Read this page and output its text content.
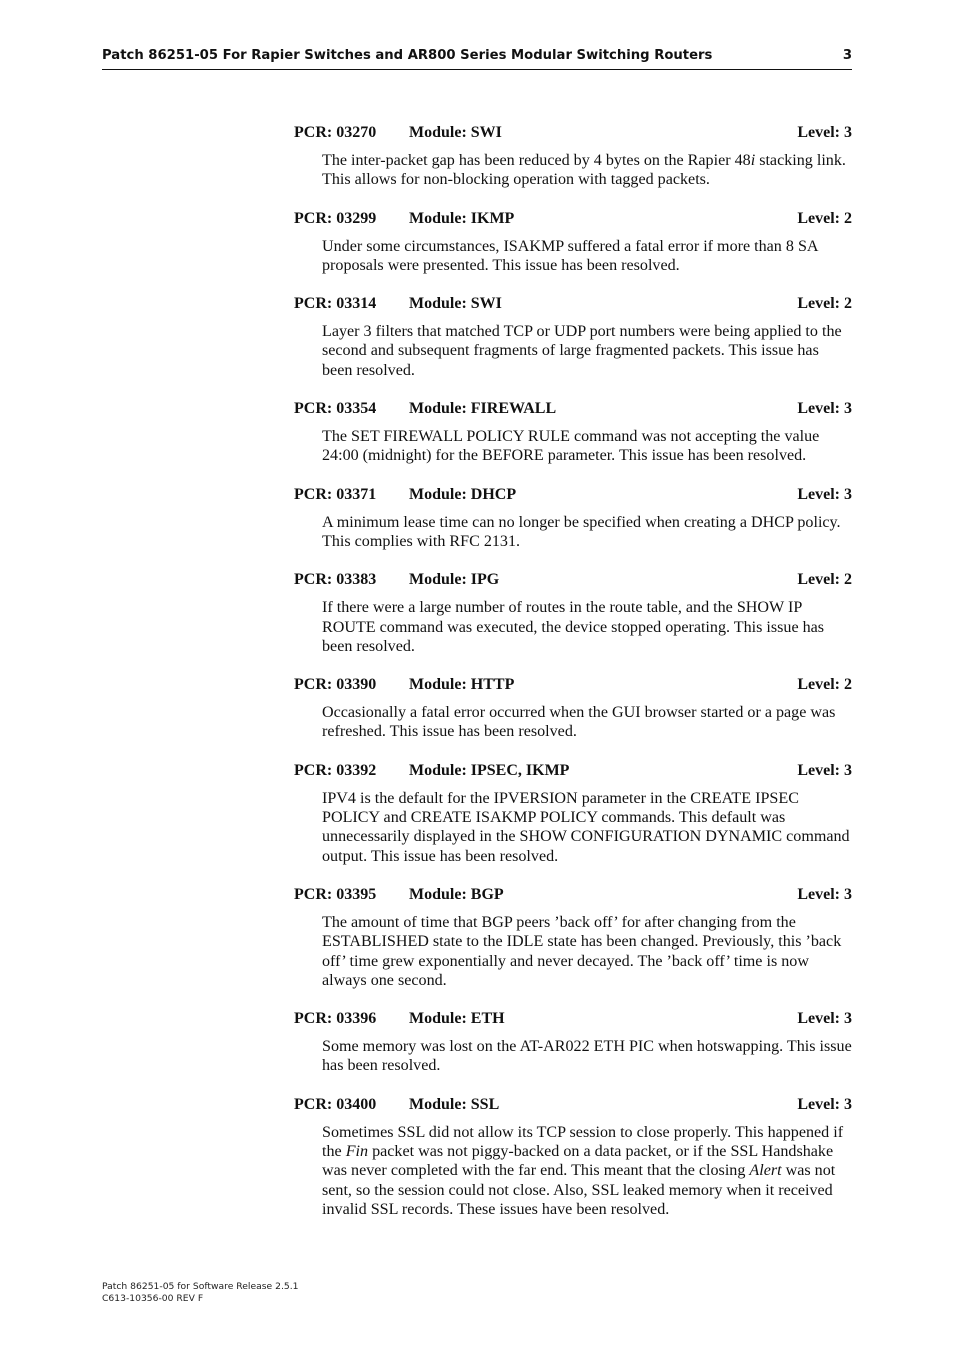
Patch 86251-05 For Rapier Switches and AR800 Series Modular Switching Routers	3
PCR: 03270 Module: SWI	Level: 3

The inter-packet gap has been reduced by 4 bytes on the Rapier 48i stacking link. This allows for non-blocking operation with tagged packets.

PCR: 03299 Module: IKMP	Level: 2

Under some circumstances, ISAKMP suffered a fatal error if more than 8 SA proposals were presented. This issue has been resolved.

PCR: 03314 Module: SWI	Level: 2

Layer 3 filters that matched TCP or UDP port numbers were being applied to the second and subsequent fragments of large fragmented packets. This issue has been resolved.

PCR: 03354 Module: FIREWALL	Level: 3

The SET FIREWALL POLICY RULE command was not accepting the value 24:00 (midnight) for the BEFORE parameter. This issue has been resolved.

PCR: 03371 Module: DHCP	Level: 3

A minimum lease time can no longer be specified when creating a DHCP policy. This complies with RFC 2131.

PCR: 03383 Module: IPG	Level: 2

If there were a large number of routes in the route table, and the SHOW IP ROUTE command was executed, the device stopped operating. This issue has been resolved.

PCR: 03390 Module: HTTP	Level: 2

Occasionally a fatal error occurred when the GUI browser started or a page was refreshed. This issue has been resolved.

PCR: 03392 Module: IPSEC, IKMP	Level: 3

IPV4 is the default for the IPVERSION parameter in the CREATE IPSEC POLICY and CREATE ISAKMP POLICY commands. This default was unnecessarily displayed in the SHOW CONFIGURATION DYNAMIC command output. This issue has been resolved.

PCR: 03395 Module: BGP	Level: 3

The amount of time that BGP peers ’back off’ for after changing from the ESTABLISHED state to the IDLE state has been changed. Previously, this ’back off’ time grew exponentially and never decayed. The ’back off’ time is now always one second.

PCR: 03396 Module: ETH	Level: 3

Some memory was lost on the AT-AR022 ETH PIC when hotswapping. This issue has been resolved.

PCR: 03400 Module: SSL	Level: 3

Sometimes SSL did not allow its TCP session to close properly. This happened if the Fin packet was not piggy-backed on a data packet, or if the SSL Handshake was never completed with the far end. This meant that the closing Alert was not sent, so the session could not close. Also, SSL leaked memory when it received invalid SSL records. These issues have been resolved.

Patch 86251-05 for Software Release 2.5.1
C613-10356-00 REV F
